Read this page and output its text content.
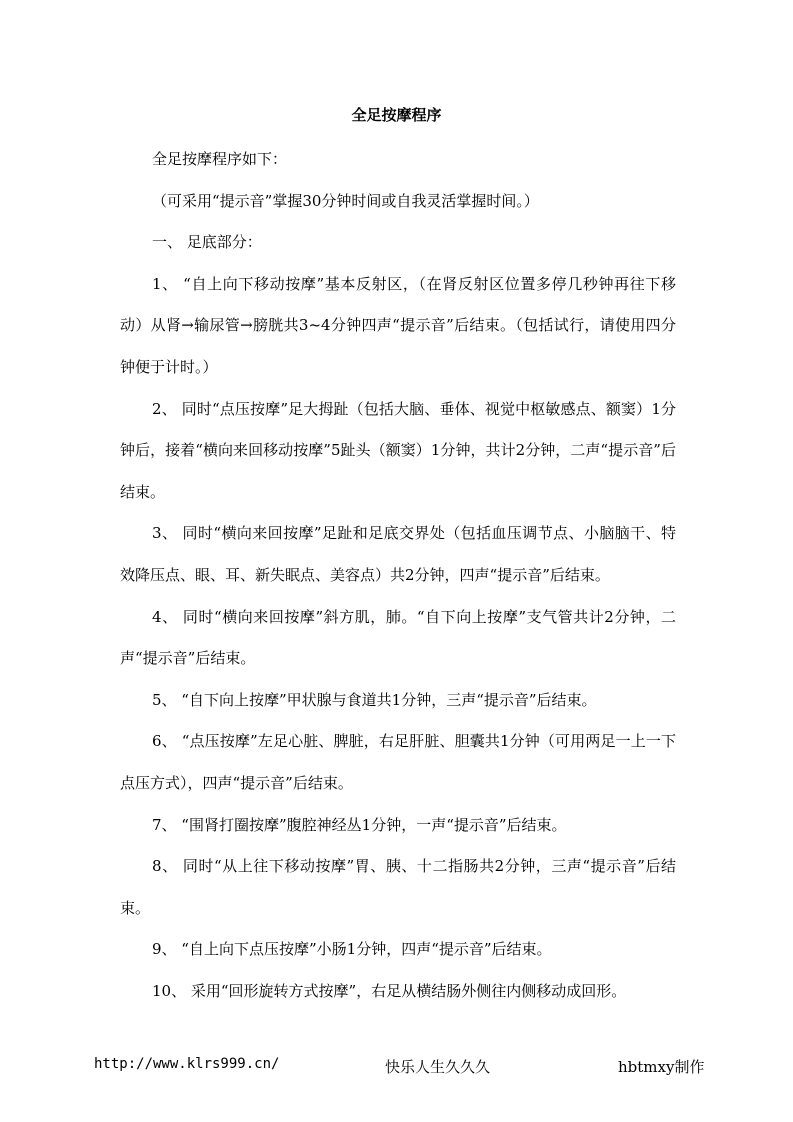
全足按摩程序

全足按摩程序如下：

（可采用“提示音”掌握30分钟时间或自我灵活掌握时间。）

一、 足底部分：

1、 “自上向下移动按摩”基本反射区，（在肾反射区位置多停几秒钟再往下移动）从肾→输尿管→膀胱共3~4分钟四声“提示音”后结束。（包括试行，请使用四分钟便于计时。）

2、 同时“点压按摩”足大拇趾（包括大脑、垂体、视觉中枢敏感点、额窦）1分钟后，接着“横向来回移动按摩”5趾头（额窦）1分钟，共计2分钟，二声“提示音”后结束。

3、 同时“横向来回按摩”足趾和足底交界处（包括血压调节点、小脑脑干、特效降压点、眼、耳、新失眠点、美容点）共2分钟，四声“提示音”后结束。

4、 同时“横向来回按摩”斜方肌，肺。“自下向上按摩”支气管共计2分钟，二声“提示音”后结束。

5、 “自下向上按摩”甲状腺与食道共1分钟，三声“提示音”后结束。

6、 “点压按摩”左足心脏、脾脏，右足肝脏、胆囊共1分钟（可用两足一上一下点压方式），四声“提示音”后结束。

7、 “围肾打圈按摩”腹腔神经丛1分钟，一声“提示音”后结束。

8、 同时“从上往下移动按摩”胃、胰、十二指肠共2分钟，三声“提示音”后结束。

9、 “自上向下点压按摩”小肠1分钟，四声“提示音”后结束。

10、 采用“回形旋转方式按摩”，右足从横结肠外侧往内侧移动成回形。

http://www.klrs999.cn/	快乐人生久久久	hbtmxy制作
